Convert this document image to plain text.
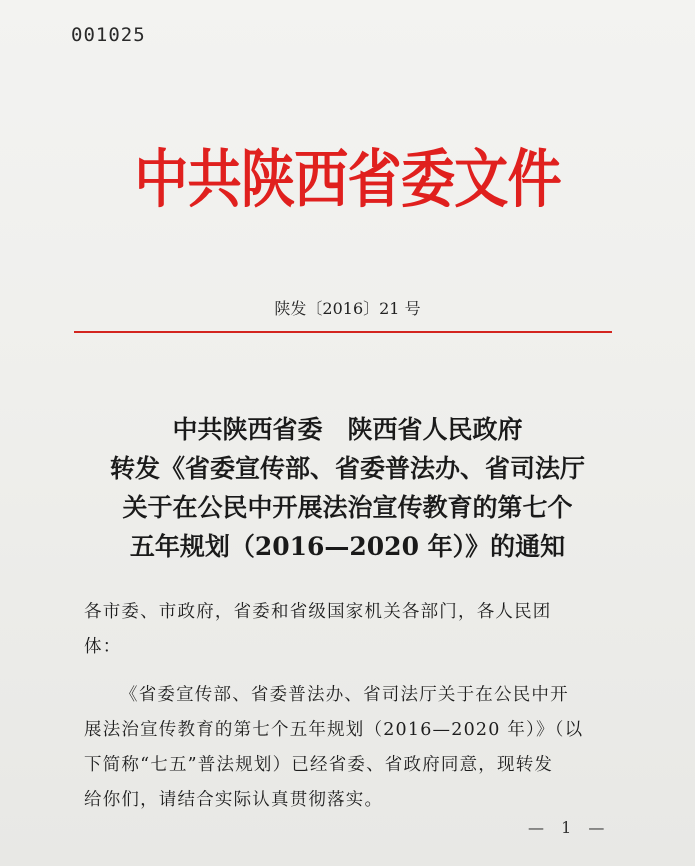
001025
中共陕西省委文件
陕发〔2016〕21 号
中共陕西省委　陕西省人民政府
转发《省委宣传部、省委普法办、省司法厅
关于在公民中开展法治宣传教育的第七个
五年规划（2016—2020 年）》的通知
各市委、市政府，省委和省级国家机关各部门，各人民团
体：
《省委宣传部、省委普法办、省司法厅关于在公民中开
展法治宣传教育的第七个五年规划（2016—2020 年）》（以
下简称“七五”普法规划）已经省委、省政府同意，现转发
给你们，请结合实际认真贯彻落实。
— 1 —
